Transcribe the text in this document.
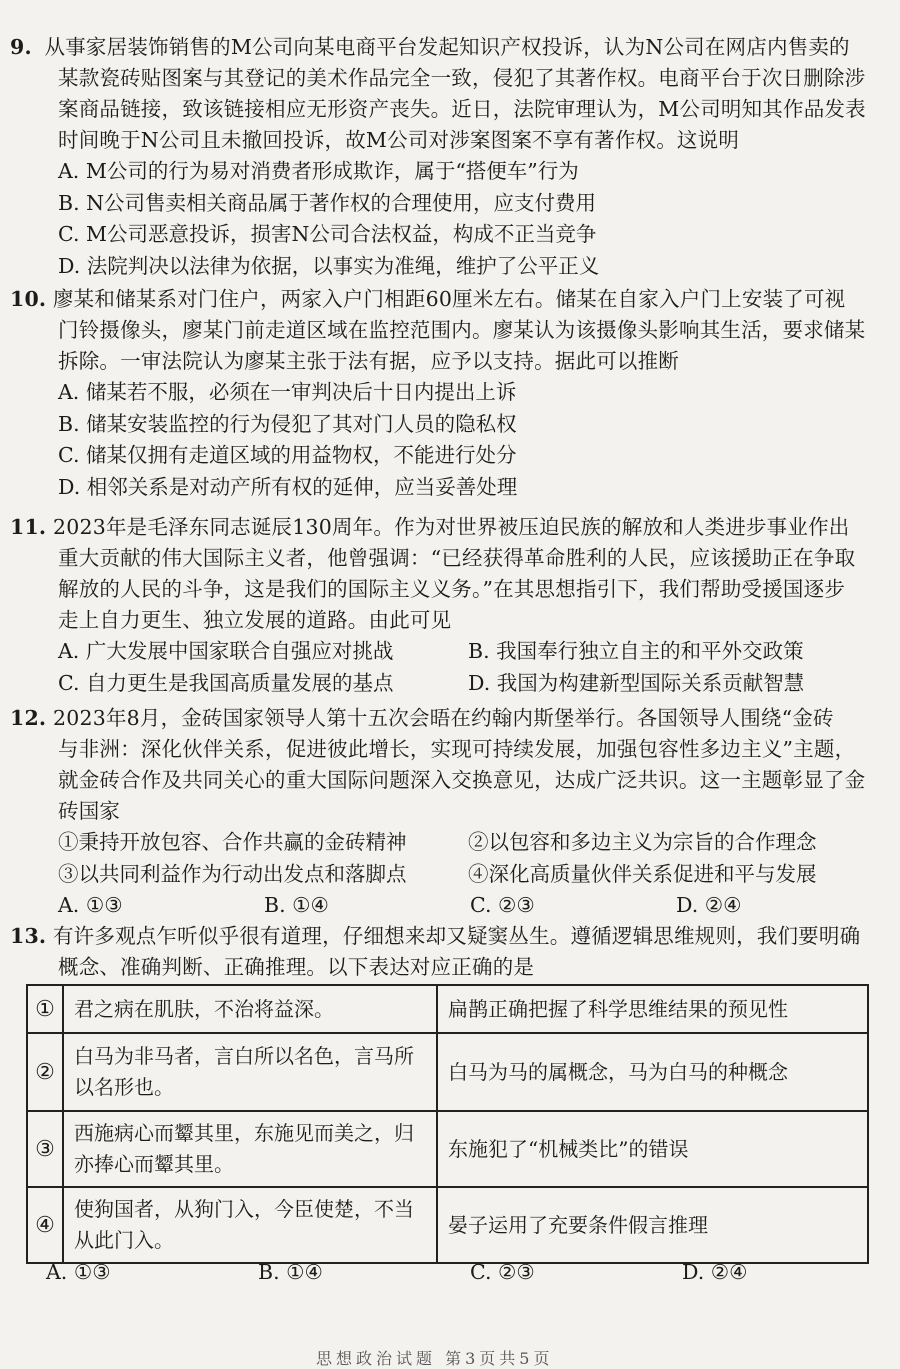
9. 从事家居装饰销售的M公司向某电商平台发起知识产权投诉，认为N公司在网店内售卖的
某款瓷砖贴图案与其登记的美术作品完全一致，侵犯了其著作权。电商平台于次日删除涉
案商品链接，致该链接相应无形资产丧失。近日，法院审理认为，M公司明知其作品发表
时间晚于N公司且未撤回投诉，故M公司对涉案图案不享有著作权。这说明
A. M公司的行为易对消费者形成欺诈，属于“搭便车”行为
B. N公司售卖相关商品属于著作权的合理使用，应支付费用
C. M公司恶意投诉，损害N公司合法权益，构成不正当竞争
D. 法院判决以法律为依据，以事实为准绳，维护了公平正义
10. 廖某和储某系对门住户，两家入户门相距60厘米左右。储某在自家入户门上安装了可视
门铃摄像头，廖某门前走道区域在监控范围内。廖某认为该摄像头影响其生活，要求储某
拆除。一审法院认为廖某主张于法有据，应予以支持。据此可以推断
A. 储某若不服，必须在一审判决后十日内提出上诉
B. 储某安装监控的行为侵犯了其对门人员的隐私权
C. 储某仅拥有走道区域的用益物权，不能进行处分
D. 相邻关系是对动产所有权的延伸，应当妥善处理
11. 2023年是毛泽东同志诞辰130周年。作为对世界被压迫民族的解放和人类进步事业作出
重大贡献的伟大国际主义者，他曾强调：“已经获得革命胜利的人民，应该援助正在争取
解放的人民的斗争，这是我们的国际主义义务。”在其思想指引下，我们帮助受援国逐步
走上自力更生、独立发展的道路。由此可见
A. 广大发展中国家联合自强应对挑战	B. 我国奉行独立自主的和平外交政策
C. 自力更生是我国高质量发展的基点	D. 我国为构建新型国际关系贡献智慧
12. 2023年8月，金砖国家领导人第十五次会晤在约翰内斯堡举行。各国领导人围绕“金砖
与非洲：深化伙伴关系，促进彼此增长，实现可持续发展，加强包容性多边主义”主题，
就金砖合作及共同关心的重大国际问题深入交换意见，达成广泛共识。这一主题彰显了金
砖国家
①秉持开放包容、合作共赢的金砖精神	②以包容和多边主义为宗旨的合作理念
③以共同利益作为行动出发点和落脚点	④深化高质量伙伴关系促进和平与发展
A. ①③	B. ①④	C. ②③	D. ②④
13. 有许多观点乍听似乎很有道理，仔细想来却又疑窦丛生。遵循逻辑思维规则，我们要明确
概念、准确判断、正确推理。以下表达对应正确的是
①	君之病在肌肤，不治将益深。	扁鹊正确把握了科学思维结果的预见性
②	白马为非马者，言白所以名色，言马所以名形也。	白马为马的属概念，马为白马的种概念
③	西施病心而颦其里，东施见而美之，归亦捧心而颦其里。	东施犯了“机械类比”的错误
④	使狗国者，从狗门入，今臣使楚，不当从此门入。	晏子运用了充要条件假言推理
A. ①③	B. ①④	C. ②③	D. ②④
思想政治试题 第3页共5页
